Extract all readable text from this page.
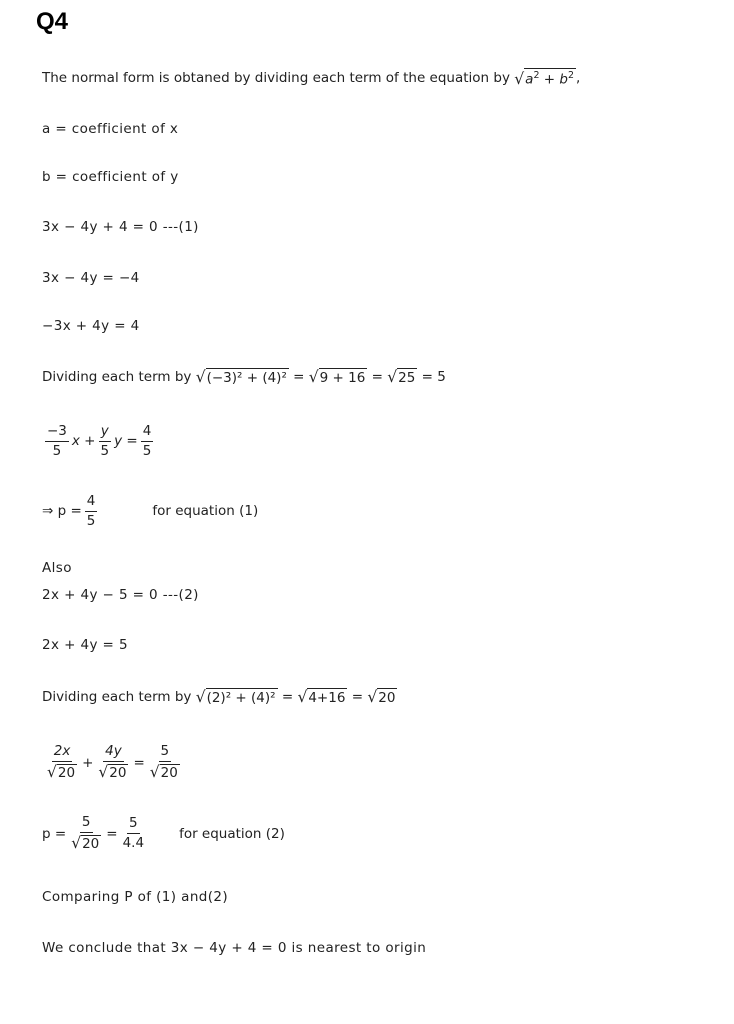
Q4
The normal form is obtaned by dividing each term of the equation by
√ $a^2 + b^2$ ,
a = coefficient of x
b = coefficient of y
3x − 4y + 4 = 0 ---(1)
3x − 4y = −4
−3x + 4y = 4
Dividing each term by
√ (−3)² + (4)²
=
√ 9 + 16
=
√ 25
= 5
$\frac{-3}{5}$ $x + \frac{y}{5}$ $y = \frac{4}{5}$
⇒ $p = \frac{4}{5}$	for equation (1)
Also
2x + 4y − 5 = 0 ---(2)
2x + 4y = 5
Dividing each term by
√ (2)² + (4)²
=
√ 4+16
=
√ 20
$\frac{2x}{√ 20} + \frac{4y}{√ 20} = \frac{5}{√ 20}$
$p = \frac{5}{√ 20} = \frac{5}{4.4}$ for equation (2)
Comparing P of (1) and(2)
We conclude that 3x − 4y + 4 = 0 is nearest to origin
